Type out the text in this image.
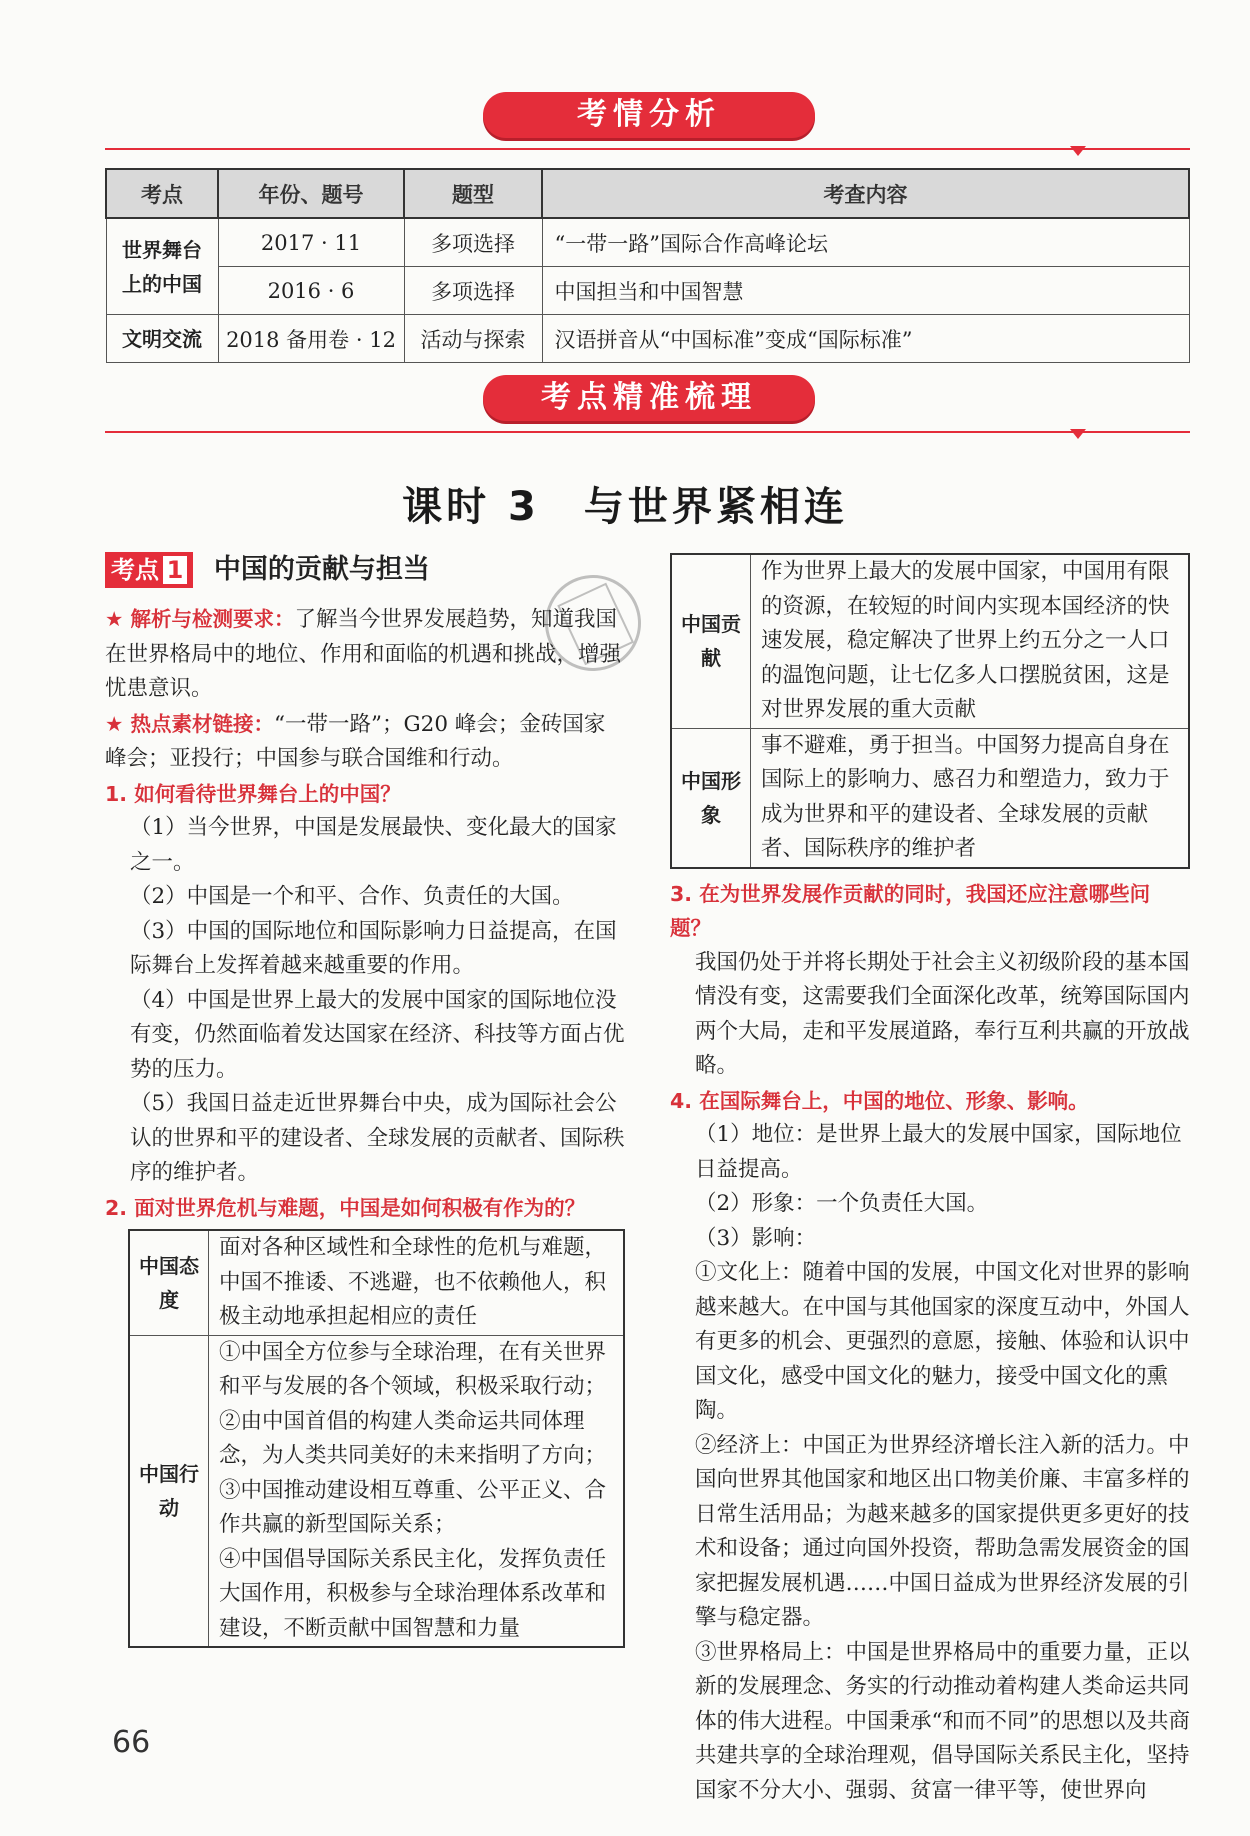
考情分析
考点	年份、题号	题型	考查内容

世界舞台
上的中国	2017 · 11	多项选择	“一带一路”国际合作高峰论坛
	2016 · 6	多项选择	中国担当和中国智慧
文明交流	2018 备用卷 · 12	活动与探索	汉语拼音从“中国标准”变成“国际标准”
考点精准梳理
课时 3　与世界紧相连
考点 1 中国的贡献与担当

★ 解析与检测要求：了解当今世界发展趋势，知道我国在世界格局中的地位、作用和面临的机遇和挑战，增强忧患意识。

★ 热点素材链接：“一带一路”；G20 峰会；金砖国家峰会；亚投行；中国参与联合国维和行动。

1. 如何看待世界舞台上的中国？

（1）当今世界，中国是发展最快、变化最大的国家之一。

（2）中国是一个和平、合作、负责任的大国。

（3）中国的国际地位和国际影响力日益提高，在国际舞台上发挥着越来越重要的作用。

（4）中国是世界上最大的发展中国家的国际地位没有变，仍然面临着发达国家在经济、科技等方面占优势的压力。

（5）我国日益走近世界舞台中央，成为国际社会公认的世界和平的建设者、全球发展的贡献者、国际秩序的维护者。

2. 面对世界危机与难题，中国是如何积极有作为的？

中国态度	面对各种区域性和全球性的危机与难题，中国不推诿、不逃避，也不依赖他人，积极主动地承担起相应的责任
中国行动	①中国全方位参与全球治理，在有关世界和平与发展的各个领域，积极采取行动；

②由中国首倡的构建人类命运共同体理念，为人类共同美好的未来指明了方向；

③中国推动建设相互尊重、公平正义、合作共赢的新型国际关系；

④中国倡导国际关系民主化，发挥负责任大国作用，积极参与全球治理体系改革和建设，不断贡献中国智慧和力量

中国贡献	作为世界上最大的发展中国家，中国用有限的资源，在较短的时间内实现本国经济的快速发展，稳定解决了世界上约五分之一人口的温饱问题，让七亿多人口摆脱贫困，这是对世界发展的重大贡献
中国形象	事不避难，勇于担当。中国努力提高自身在国际上的影响力、感召力和塑造力，致力于成为世界和平的建设者、全球发展的贡献者、国际秩序的维护者

3. 在为世界发展作贡献的同时，我国还应注意哪些问题？

我国仍处于并将长期处于社会主义初级阶段的基本国情没有变，这需要我们全面深化改革，统筹国际国内两个大局，走和平发展道路，奉行互利共赢的开放战略。

4. 在国际舞台上，中国的地位、形象、影响。

（1）地位：是世界上最大的发展中国家，国际地位日益提高。

（2）形象：一个负责任大国。

（3）影响：

①文化上：随着中国的发展，中国文化对世界的影响越来越大。在中国与其他国家的深度互动中，外国人有更多的机会、更强烈的意愿，接触、体验和认识中国文化，感受中国文化的魅力，接受中国文化的熏陶。

②经济上：中国正为世界经济增长注入新的活力。中国向世界其他国家和地区出口物美价廉、丰富多样的日常生活用品；为越来越多的国家提供更多更好的技术和设备；通过向国外投资，帮助急需发展资金的国家把握发展机遇……中国日益成为世界经济发展的引擎与稳定器。

③世界格局上：中国是世界格局中的重要力量，正以新的发展理念、务实的行动推动着构建人类命运共同体的伟大进程。中国秉承“和而不同”的思想以及共商共建共享的全球治理观，倡导国际关系民主化，坚持国家不分大小、强弱、贫富一律平等，使世界向

66
